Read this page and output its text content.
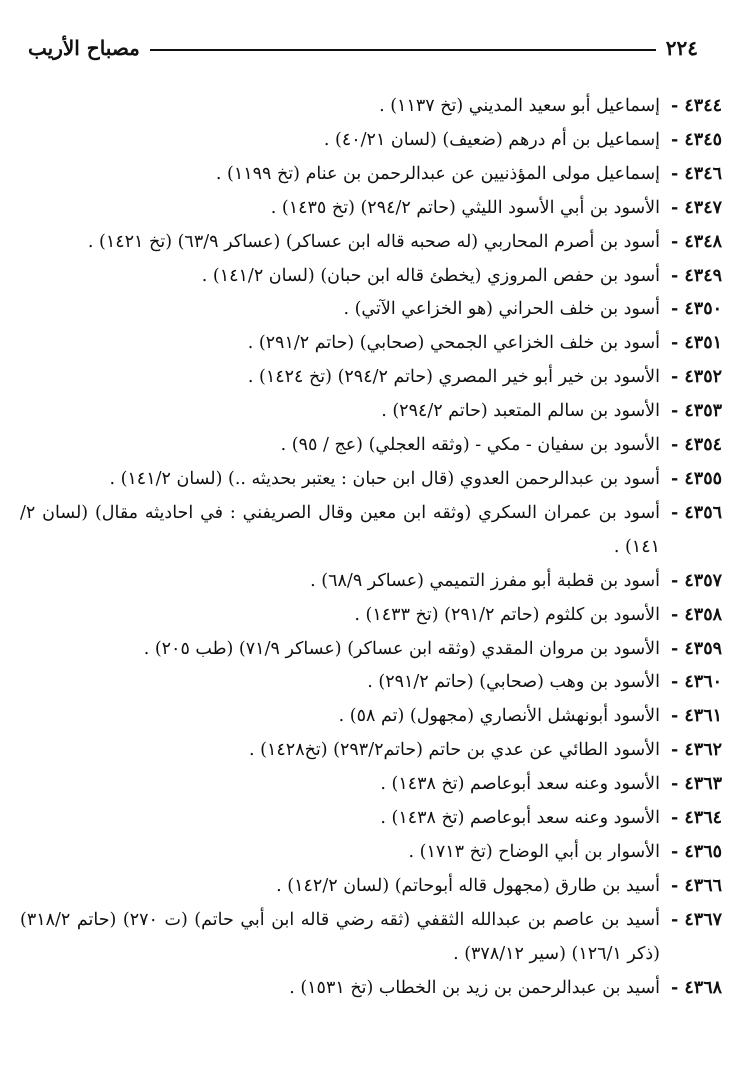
٢٢٤
مصباح الأريب
٤٣٤٤ -
إسماعيل أبو سعيد المديني (تخ ١١٣٧) .
٤٣٤٥ -
إسماعيل بن أم درهم (ضعيف) (لسان ٤٠/٢١) .
٤٣٤٦ -
إسماعيل مولى المؤذنيين عن عبدالرحمن بن عنام (تخ ١١٩٩) .
٤٣٤٧ -
الأسود بن أبي الأسود الليثي (حاتم ٢٩٤/٢) (تخ ١٤٣٥) .
٤٣٤٨ -
أسود بن أصرم المحاربي (له صحبه قاله ابن عساكر) (عساكر ٦٣/٩) (تخ ١٤٢١) .
٤٣٤٩ -
أسود بن حفص المروزي (يخطئ قاله ابن حبان) (لسان ١٤١/٢) .
٤٣٥٠ -
أسود بن خلف الحراني (هو الخزاعي الآتي) .
٤٣٥١ -
أسود بن خلف الخزاعي الجمحي (صحابي) (حاتم ٢٩١/٢) .
٤٣٥٢ -
الأسود بن خير أبو خير المصري (حاتم ٢٩٤/٢) (تخ ١٤٢٤) .
٤٣٥٣ -
الأسود بن سالم المتعبد (حاتم ٢٩٤/٢) .
٤٣٥٤ -
الأسود بن سفيان - مكي - (وثقه العجلي) (عج / ٩٥) .
٤٣٥٥ -
أسود بن عبدالرحمن العدوي (قال ابن حبان : يعتبر بحديثه ..) (لسان ١٤١/٢) .
٤٣٥٦ -
أسود بن عمران السكري (وثقه ابن معين وقال الصريفني : في احاديثه مقال) (لسان ٢/ ١٤١) .
٤٣٥٧ -
أسود بن قطبة أبو مفرز التميمي (عساكر ٦٨/٩) .
٤٣٥٨ -
الأسود بن كلثوم (حاتم ٢٩١/٢) (تخ ١٤٣٣) .
٤٣٥٩ -
الأسود بن مروان المقدي (وثقه ابن عساكر) (عساكر ٧١/٩) (طب ٢٠٥) .
٤٣٦٠ -
الأسود بن وهب (صحابي) (حاتم ٢٩١/٢) .
٤٣٦١ -
الأسود أبونهشل الأنصاري (مجهول) (تم ٥٨) .
٤٣٦٢ -
الأسود الطائي عن عدي بن حاتم (حاتم٢٩٣/٢) (تخ١٤٢٨) .
٤٣٦٣ -
الأسود وعنه سعد أبوعاصم (تخ ١٤٣٨) .
٤٣٦٤ -
الأسود وعنه سعد أبوعاصم (تخ ١٤٣٨) .
٤٣٦٥ -
الأسوار بن أبي الوضاح (تخ ١٧١٣) .
٤٣٦٦ -
أسيد بن طارق (مجهول قاله أبوحاتم) (لسان ١٤٢/٢) .
٤٣٦٧ -
أسيد بن عاصم بن عبدالله الثقفي (ثقه رضي قاله ابن أبي حاتم) (ت ٢٧٠) (حاتم ٣١٨/٢) (ذكر ١٢٦/١) (سير ٣٧٨/١٢) .
٤٣٦٨ -
أسيد بن عبدالرحمن بن زيد بن الخطاب (تخ ١٥٣١) .
